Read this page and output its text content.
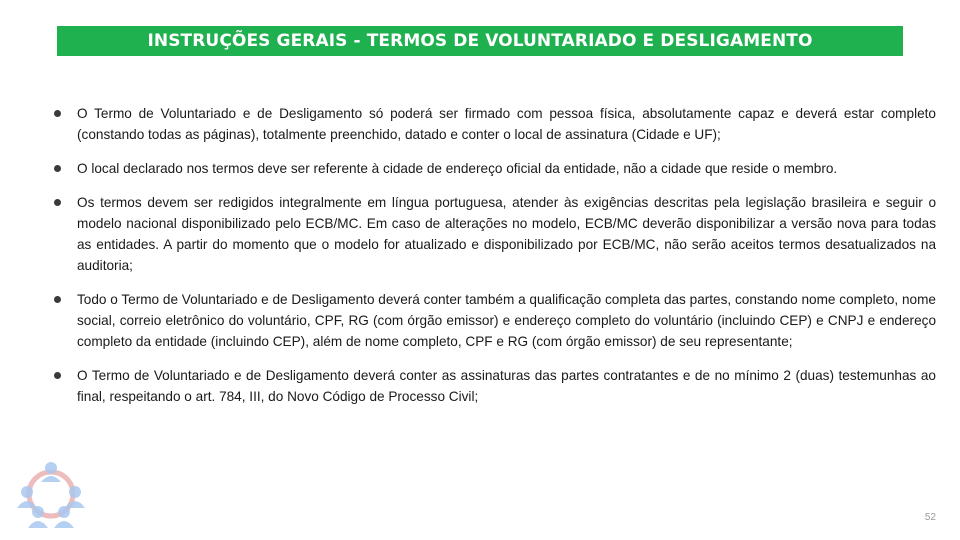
INSTRUÇÕES GERAIS - TERMOS DE VOLUNTARIADO E DESLIGAMENTO
O Termo de Voluntariado e de Desligamento só poderá ser firmado com pessoa física, absolutamente capaz e deverá estar completo (constando todas as páginas), totalmente preenchido, datado e conter o local de assinatura (Cidade e UF);
O local declarado nos termos deve ser referente à cidade de endereço oficial da entidade, não a cidade que reside o membro.
Os termos devem ser redigidos integralmente em língua portuguesa, atender às exigências descritas pela legislação brasileira e seguir o modelo nacional disponibilizado pelo ECB/MC. Em caso de alterações no modelo, ECB/MC deverão disponibilizar a versão nova para todas as entidades. A partir do momento que o modelo for atualizado e disponibilizado por ECB/MC, não serão aceitos termos desatualizados na auditoria;
Todo o Termo de Voluntariado e de Desligamento deverá conter também a qualificação completa das partes, constando nome completo, nome social, correio eletrônico do voluntário, CPF, RG (com órgão emissor) e endereço completo do voluntário (incluindo CEP) e CNPJ e endereço completo da entidade (incluindo CEP), além de nome completo, CPF e RG (com órgão emissor) de seu representante;
O Termo de Voluntariado e de Desligamento deverá conter as assinaturas das partes contratantes e de no mínimo 2 (duas) testemunhas ao final, respeitando o art. 784, III, do Novo Código de Processo Civil;
52
